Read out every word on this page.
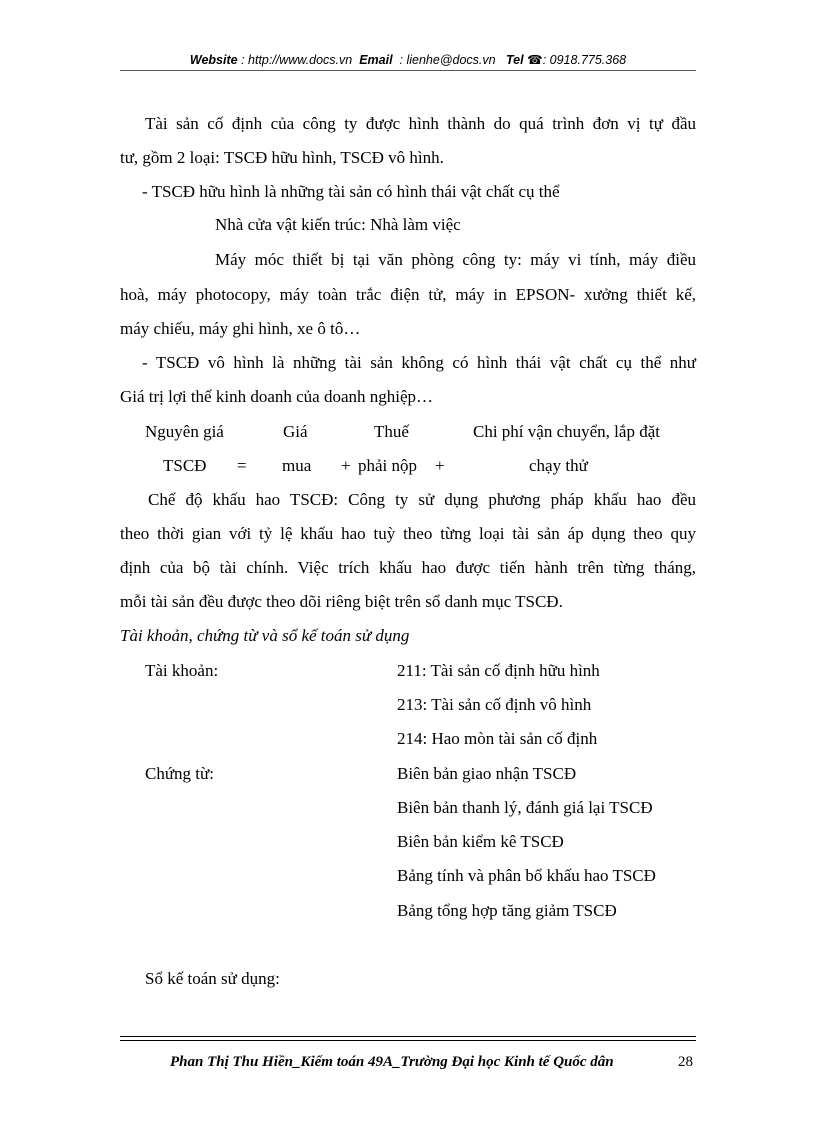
Website : http://www.docs.vn Email : lienhe@docs.vn Tel ☎: 0918.775.368
Tài sản cố định của công ty được hình thành do quá trình đơn vị tự đầu
tư, gồm 2 loại: TSCĐ hữu hình, TSCĐ vô hình.
- TSCĐ hữu hình là những tài sản có hình thái vật chất cụ thể
Nhà cửa vật kiến trúc: Nhà làm việc
Máy móc thiết bị tại văn phòng công ty: máy vi tính, máy điều
hoà, máy photocopy, máy toàn trắc điện tử, máy in EPSON- xưởng thiết kế,
máy chiếu, máy ghi hình, xe ô tô…
- TSCĐ vô hình là những tài sản không có hình thái vật chất cụ thể như
Giá trị lợi thế kinh doanh của doanh nghiệp…
Nguyên giá	Giá	Thuế	Chi phí vận chuyển, lắp đặt
TSCĐ = mua + phải nộp +	chạy thử
Chế độ khấu hao TSCĐ: Công ty sử dụng phương pháp khấu hao đều
theo thời gian với tỷ lệ khấu hao tuỳ theo từng loại tài sản áp dụng theo quy
định của bộ tài chính. Việc trích khấu hao được tiến hành trên từng tháng,
mỗi tài sản đều được theo dõi riêng biệt trên sổ danh mục TSCĐ.
Tài khoản, chứng từ và sổ kế toán sử dụng
Tài khoản:	211: Tài sản cố định hữu hình
213: Tài sản cố định vô hình
214: Hao mòn tài sản cố định
Chứng từ:	Biên bản giao nhận TSCĐ
Biên bản thanh lý, đánh giá lại TSCĐ
Biên bản kiểm kê TSCĐ
Bảng tính và phân bổ khấu hao TSCĐ
Bảng tổng hợp tăng giảm TSCĐ
Sổ kế toán sử dụng:
Phan Thị Thu Hiền_Kiểm toán 49A_Trường Đại học Kinh tế Quốc dân	28
